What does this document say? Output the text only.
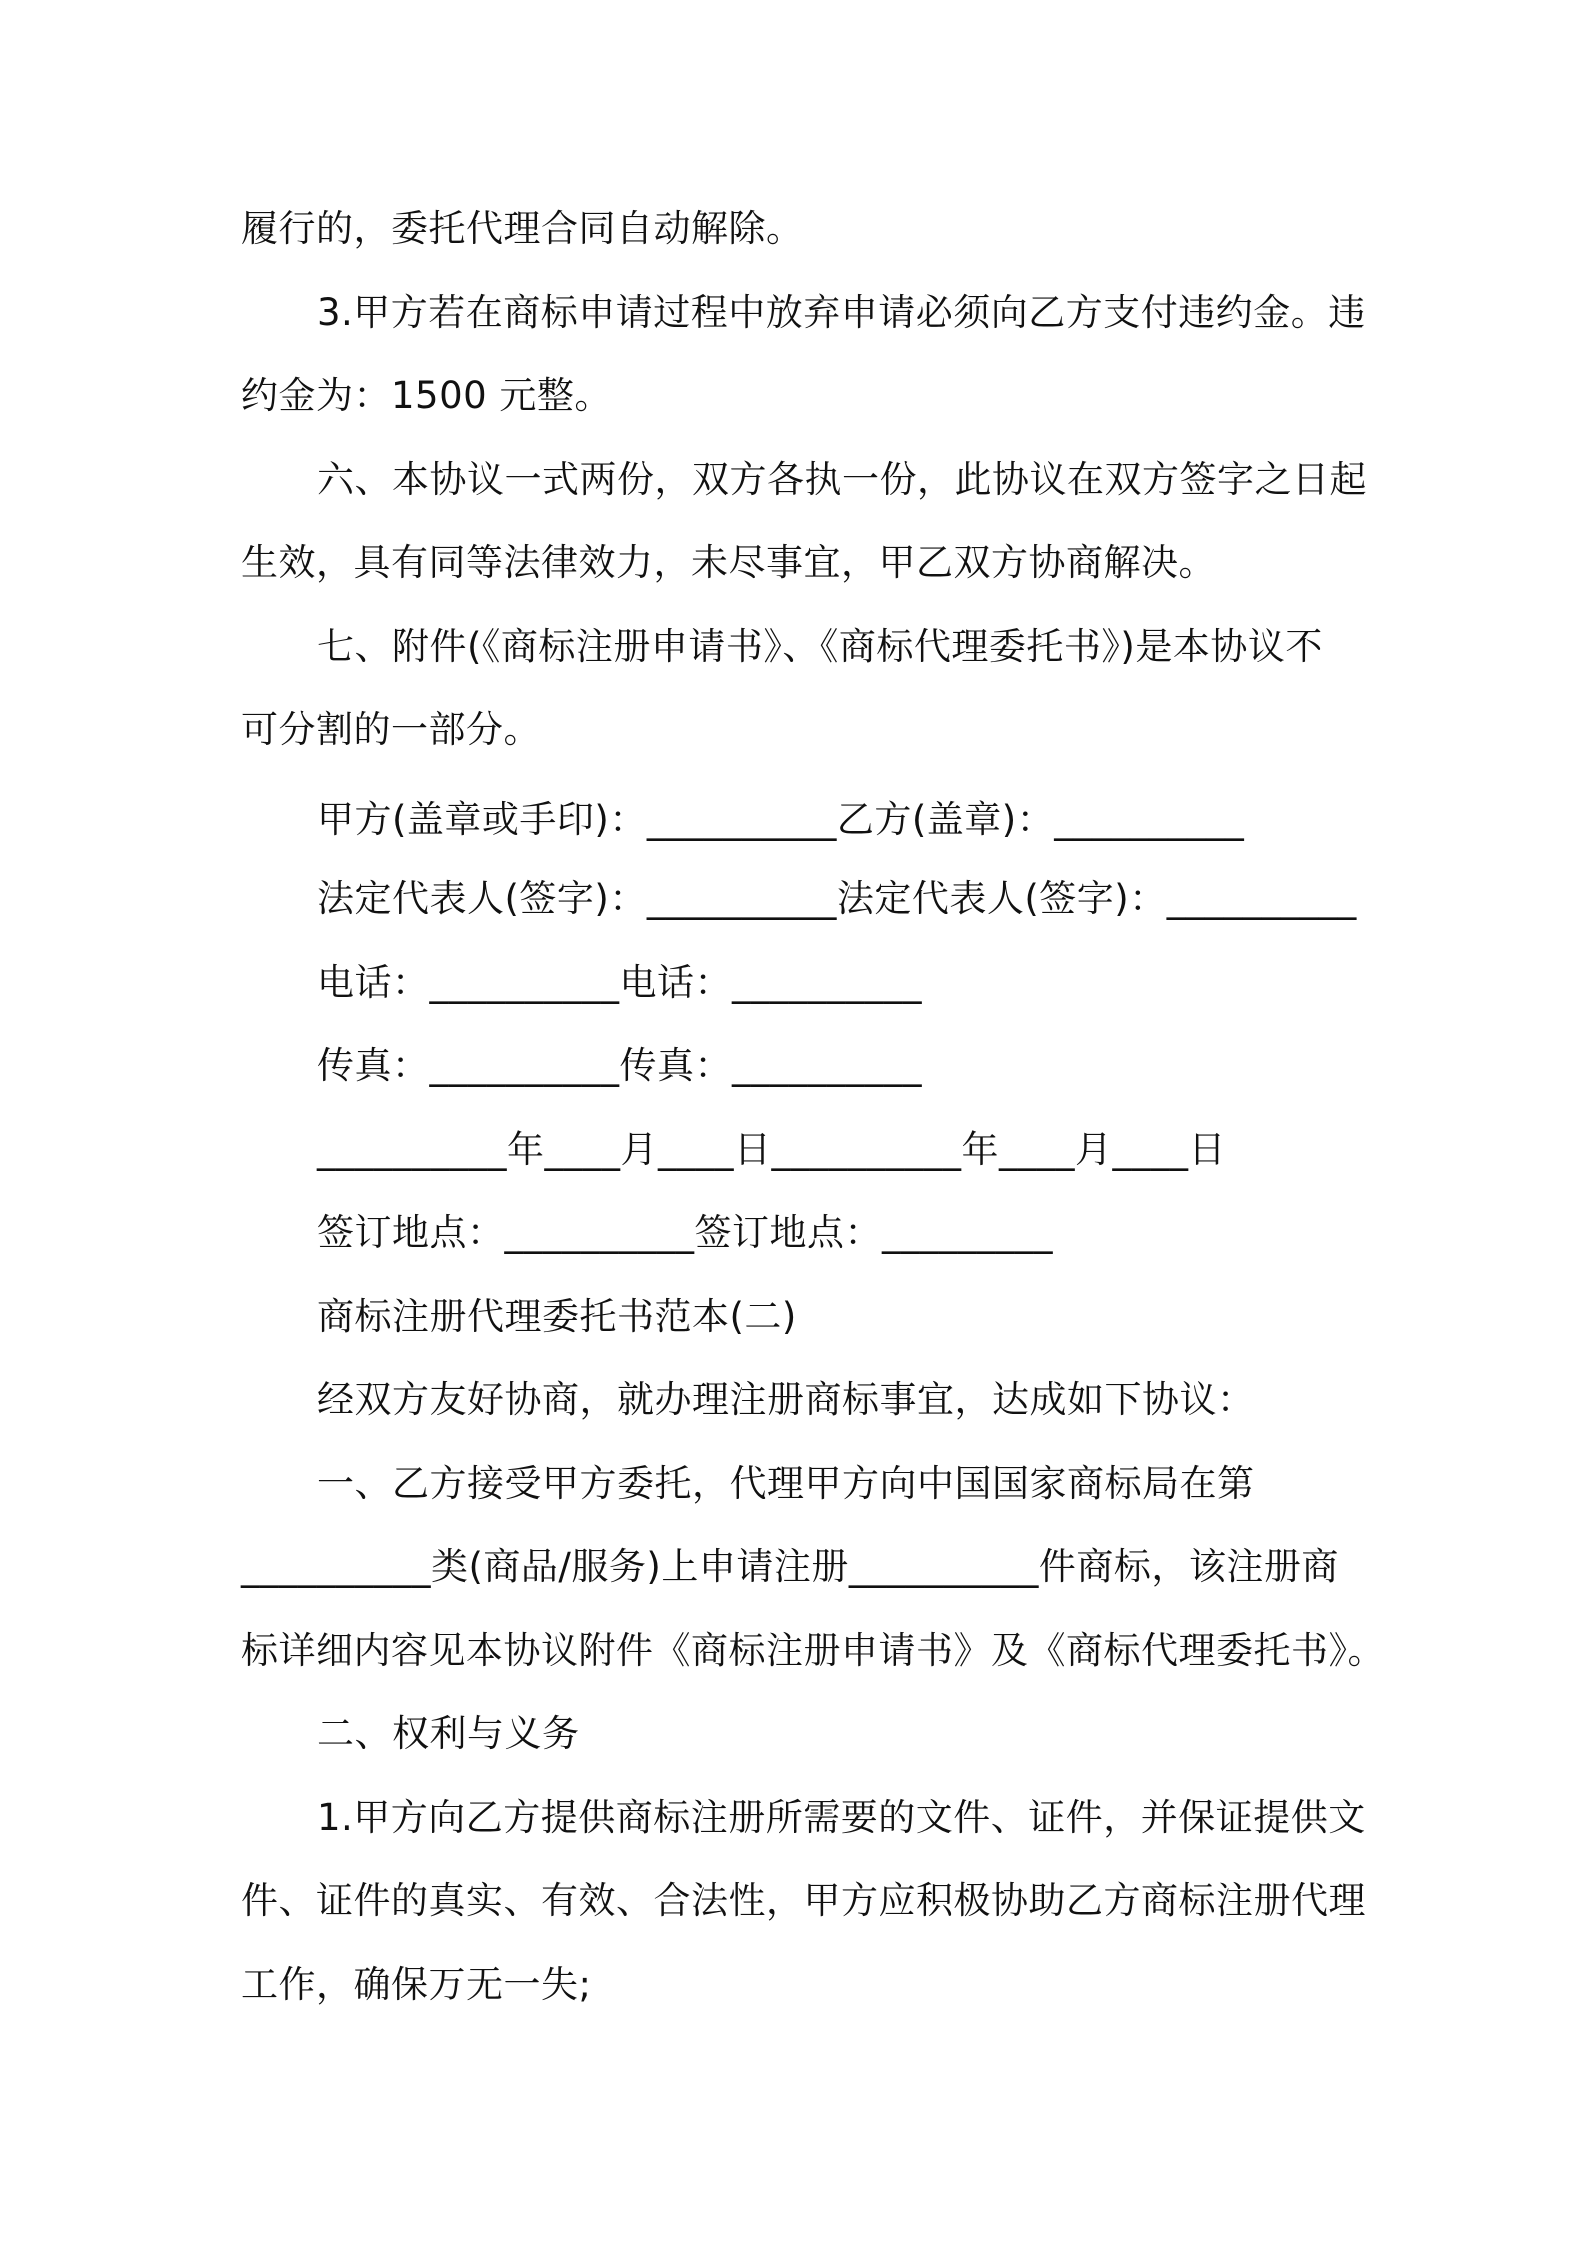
履行的，委托代理合同自动解除。
3.甲方若在商标申请过程中放弃申请必须向乙方支付违约金。违
约金为：1500 元整。
六、本协议一式两份，双方各执一份，此协议在双方签字之日起
生效，具有同等法律效力，未尽事宜，甲乙双方协商解决。
七、附件(《商标注册申请书》、《商标代理委托书》)是本协议不
可分割的一部分。
甲方(盖章或手印)：__________乙方(盖章)：__________
法定代表人(签字)：__________法定代表人(签字)：__________
电话：__________电话：__________
传真：__________传真：__________
__________年____月____日__________年____月____日
签订地点：__________签订地点：_________
商标注册代理委托书范本(二)
经双方友好协商，就办理注册商标事宜，达成如下协议：
一、乙方接受甲方委托，代理甲方向中国国家商标局在第
__________类(商品/服务)上申请注册__________件商标，该注册商
标详细内容见本协议附件《商标注册申请书》及《商标代理委托书》。
二、权利与义务
1.甲方向乙方提供商标注册所需要的文件、证件，并保证提供文
件、证件的真实、有效、合法性，甲方应积极协助乙方商标注册代理
工作，确保万无一失;
